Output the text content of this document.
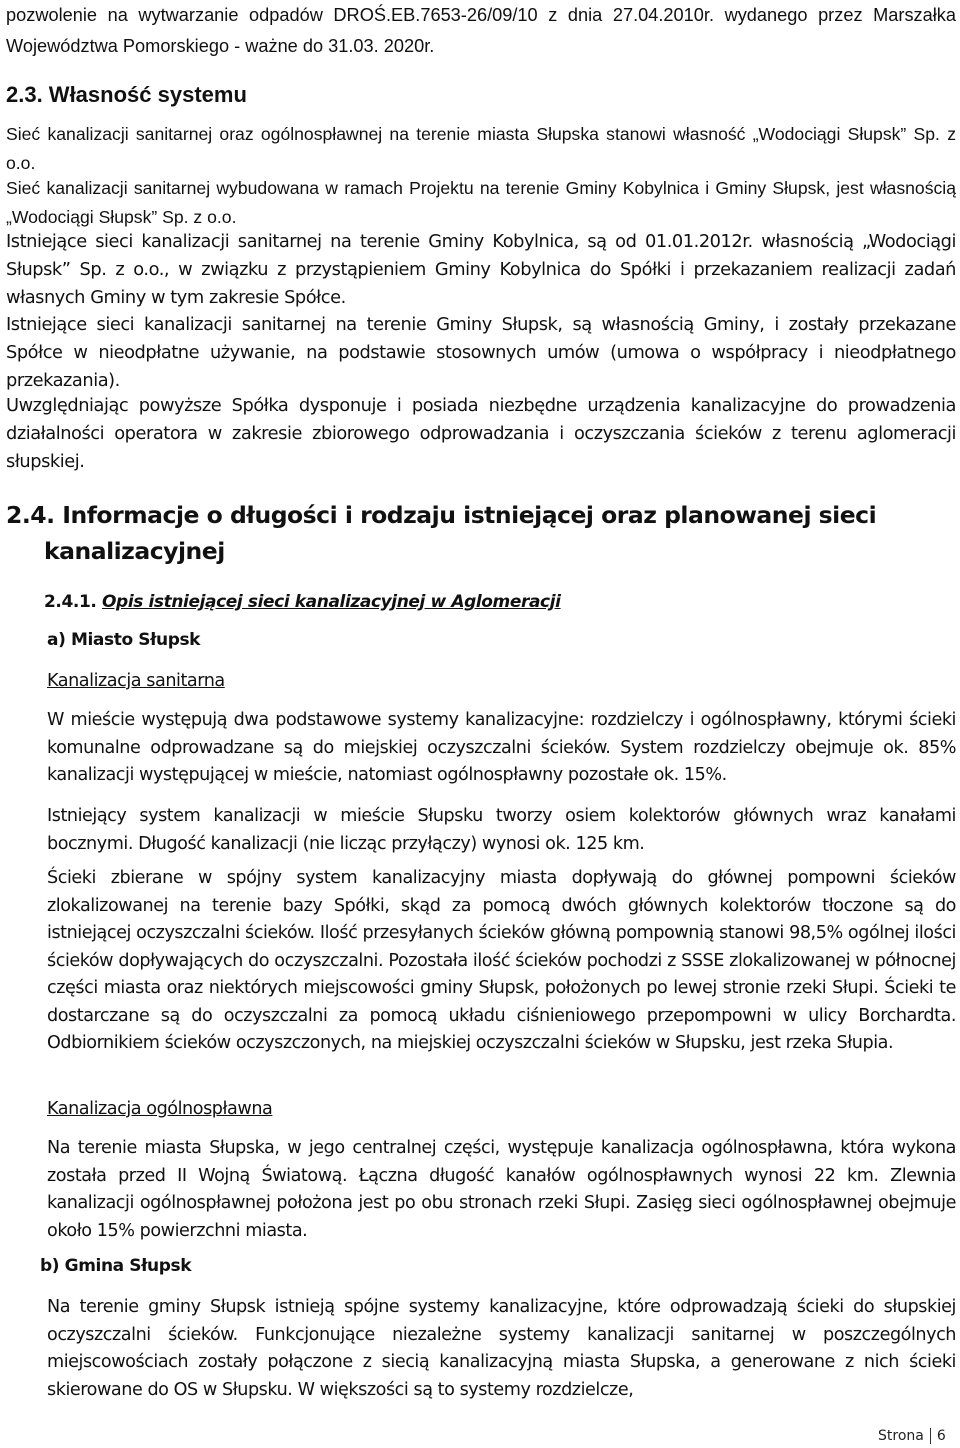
pozwolenie na wytwarzanie odpadów DROŚ.EB.7653-26/09/10 z dnia 27.04.2010r. wydanego przez Marszałka Województwa Pomorskiego - ważne do 31.03. 2020r.

2.3. Własność systemu

Sieć kanalizacji sanitarnej oraz ogólnospławnej na terenie miasta Słupska stanowi własność „Wodociągi Słupsk” Sp. z o.o.

Sieć kanalizacji sanitarnej wybudowana w ramach Projektu na terenie Gminy Kobylnica i Gminy Słupsk, jest własnością „Wodociągi Słupsk” Sp. z o.o.

Istniejące sieci kanalizacji sanitarnej na terenie Gminy Kobylnica, są od 01.01.2012r. własnością „Wodociągi Słupsk” Sp. z o.o., w związku z przystąpieniem Gminy Kobylnica do Spółki i przekazaniem realizacji zadań własnych Gminy w tym zakresie Spółce.

Istniejące sieci kanalizacji sanitarnej na terenie Gminy Słupsk, są własnością Gminy, i zostały przekazane Spółce w nieodpłatne używanie, na podstawie stosownych umów (umowa o współpracy i nieodpłatnego przekazania).

Uwzględniając powyższe Spółka dysponuje i posiada niezbędne urządzenia kanalizacyjne do prowadzenia działalności operatora w zakresie zbiorowego odprowadzania i oczyszczania ścieków z terenu aglomeracji słupskiej.

2.4. Informacje o długości i rodzaju istniejącej oraz planowanej sieci
kanalizacyjnej

2.4.1. Opis istniejącej sieci kanalizacyjnej w Aglomeracji

a) Miasto Słupsk

Kanalizacja sanitarna

W mieście występują dwa podstawowe systemy kanalizacyjne: rozdzielczy i ogólnospławny, którymi ścieki komunalne odprowadzane są do miejskiej oczyszczalni ścieków. System rozdzielczy obejmuje ok. 85% kanalizacji występującej w mieście, natomiast ogólnospławny pozostałe ok. 15%.

Istniejący system kanalizacji w mieście Słupsku tworzy osiem kolektorów głównych wraz kanałami bocznymi. Długość kanalizacji (nie licząc przyłączy) wynosi ok. 125 km.

Ścieki zbierane w spójny system kanalizacyjny miasta dopływają do głównej pompowni ścieków zlokalizowanej na terenie bazy Spółki, skąd za pomocą dwóch głównych kolektorów tłoczone są do istniejącej oczyszczalni ścieków. Ilość przesyłanych ścieków główną pompownią stanowi 98,5% ogólnej ilości ścieków dopływających do oczyszczalni. Pozostała ilość ścieków pochodzi z SSSE zlokalizowanej w północnej części miasta oraz niektórych miejscowości gminy Słupsk, położonych po lewej stronie rzeki Słupi. Ścieki te dostarczane są do oczyszczalni za pomocą układu ciśnieniowego przepompowni w ulicy Borchardta. Odbiornikiem ścieków oczyszczonych, na miejskiej oczyszczalni ścieków w Słupsku, jest rzeka Słupia.

Kanalizacja ogólnospławna

Na terenie miasta Słupska, w jego centralnej części, występuje kanalizacja ogólnospławna, która wykona została przed II Wojną Światową. Łączna długość kanałów ogólnospławnych wynosi 22 km. Zlewnia kanalizacji ogólnospławnej położona jest po obu stronach rzeki Słupi. Zasięg sieci ogólnospławnej obejmuje około 15% powierzchni miasta.

b) Gmina Słupsk

Na terenie gminy Słupsk istnieją spójne systemy kanalizacyjne, które odprowadzają ścieki do słupskiej oczyszczalni ścieków. Funkcjonujące niezależne systemy kanalizacji sanitarnej w poszczególnych miejscowościach zostały połączone z siecią kanalizacyjną miasta Słupska, a generowane z nich ścieki skierowane do OS w Słupsku. W większości są to systemy rozdzielcze,

Strona 6
